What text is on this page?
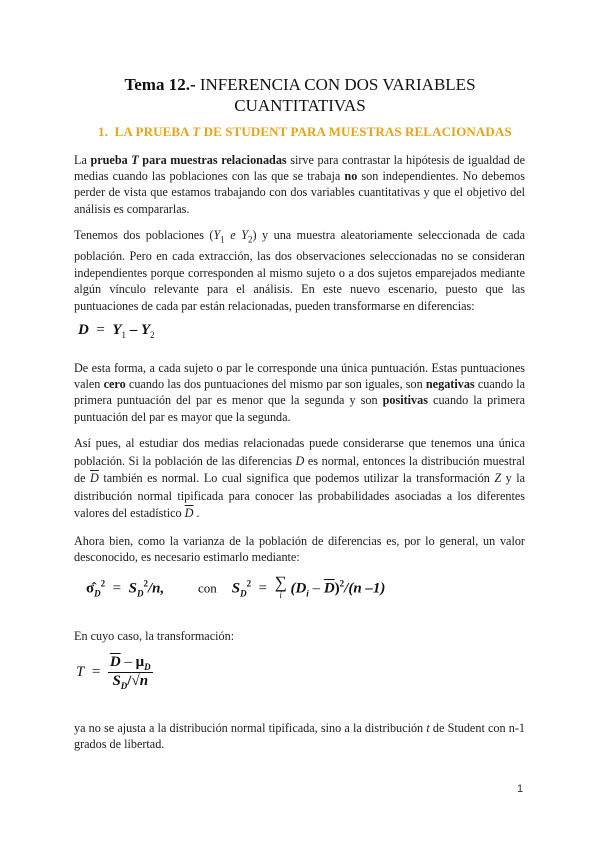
Tema 12.- INFERENCIA CON DOS VARIABLES
CUANTITATIVAS
1. LA PRUEBA T DE STUDENT PARA MUESTRAS RELACIONADAS
La prueba T para muestras relacionadas sirve para contrastar la hipótesis de igualdad de medias cuando las poblaciones con las que se trabaja no son independientes. No debemos perder de vista que estamos trabajando con dos variables cuantitativas y que el objetivo del análisis es compararlas.
Tenemos dos poblaciones ($Y_1$ e $Y_2$) y una muestra aleatoriamente seleccionada de cada población. Pero en cada extracción, las dos observaciones seleccionadas no se consideran independientes porque corresponden al mismo sujeto o a dos sujetos emparejados mediante algún vínculo relevante para el análisis. En este nuevo escenario, puesto que las puntuaciones de cada par están relacionadas, pueden transformarse en diferencias:
$D = Y_1 - Y_2$
De esta forma, a cada sujeto o par le corresponde una única puntuación. Estas puntuaciones valen cero cuando las dos puntuaciones del mismo par son iguales, son negativas cuando la primera puntuación del par es menor que la segunda y son positivas cuando la primera puntuación del par es mayor que la segunda.
Así pues, al estudiar dos medias relacionadas puede considerarse que tenemos una única población. Si la población de las diferencias D es normal, entonces la distribución muestral de $\overline{D}$ también es normal. Lo cual significa que podemos utilizar la transformación Z y la distribución normal tipificada para conocer las probabilidades asociadas a los diferentes valores del estadístico $\overline{D}$ .
Ahora bien, como la varianza de la población de diferencias es, por lo general, un valor desconocido, es necesario estimarlo mediante:
$\sigmâ_D^2 = S_D^2/n$,	con $S_D^2$ = ∑
i $(D_i - \overline{D})^2/(n$ –1)
En cuyo caso, la transformación:
$T = \frac{\overline{D} - \mu_D}{S_D/√n}$
ya no se ajusta a la distribución normal tipificada, sino a la distribución t de Student con n-1 grados de libertad.
1
